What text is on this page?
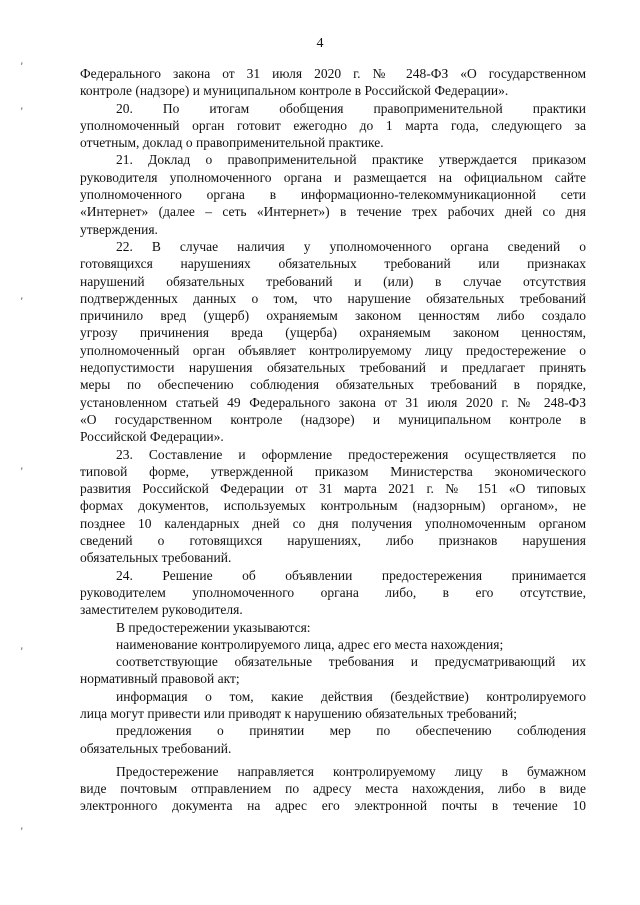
4
,
,
,
,
,
,

Федерального закона от 31 июля 2020 г. № 248-ФЗ «О государственном

контроле (надзоре) и муниципальном контроле в Российской Федерации».

20. По итогам обобщения правоприменительной практики

уполномоченный орган готовит ежегодно до 1 марта года, следующего за

отчетным, доклад о правоприменительной практике.

21. Доклад о правоприменительной практике утверждается приказом

руководителя уполномоченного органа и размещается на официальном сайте

уполномоченного органа в информационно-телекоммуникационной сети

«Интернет» (далее – сеть «Интернет») в течение трех рабочих дней со дня

утверждения.

22. В случае наличия у уполномоченного органа сведений о

готовящихся нарушениях обязательных требований или признаках

нарушений обязательных требований и (или) в случае отсутствия

подтвержденных данных о том, что нарушение обязательных требований

причинило вред (ущерб) охраняемым законом ценностям либо создало

угрозу причинения вреда (ущерба) охраняемым законом ценностям,

уполномоченный орган объявляет контролируемому лицу предостережение о

недопустимости нарушения обязательных требований и предлагает принять

меры по обеспечению соблюдения обязательных требований в порядке,

установленном статьей 49 Федерального закона от 31 июля 2020 г. № 248-ФЗ

«О государственном контроле (надзоре) и муниципальном контроле в

Российской Федерации».

23. Составление и оформление предостережения осуществляется по

типовой форме, утвержденной приказом Министерства экономического

развития Российской Федерации от 31 марта 2021 г. № 151 «О типовых

формах документов, используемых контрольным (надзорным) органом», не

позднее 10 календарных дней со дня получения уполномоченным органом

сведений о готовящихся нарушениях, либо признаков нарушения

обязательных требований.

24. Решение об объявлении предостережения принимается

руководителем уполномоченного органа либо, в его отсутствие,

заместителем руководителя.

В предостережении указываются:

наименование контролируемого лица, адрес его места нахождения;

соответствующие обязательные требования и предусматривающий их

нормативный правовой акт;

информация о том, какие действия (бездействие) контролируемого

лица могут привести или приводят к нарушению обязательных требований;

предложения о принятии мер по обеспечению соблюдения

обязательных требований.

Предостережение направляется контролируемому лицу в бумажном

виде почтовым отправлением по адресу места нахождения, либо в виде

электронного документа на адрес его электронной почты в течение 10
